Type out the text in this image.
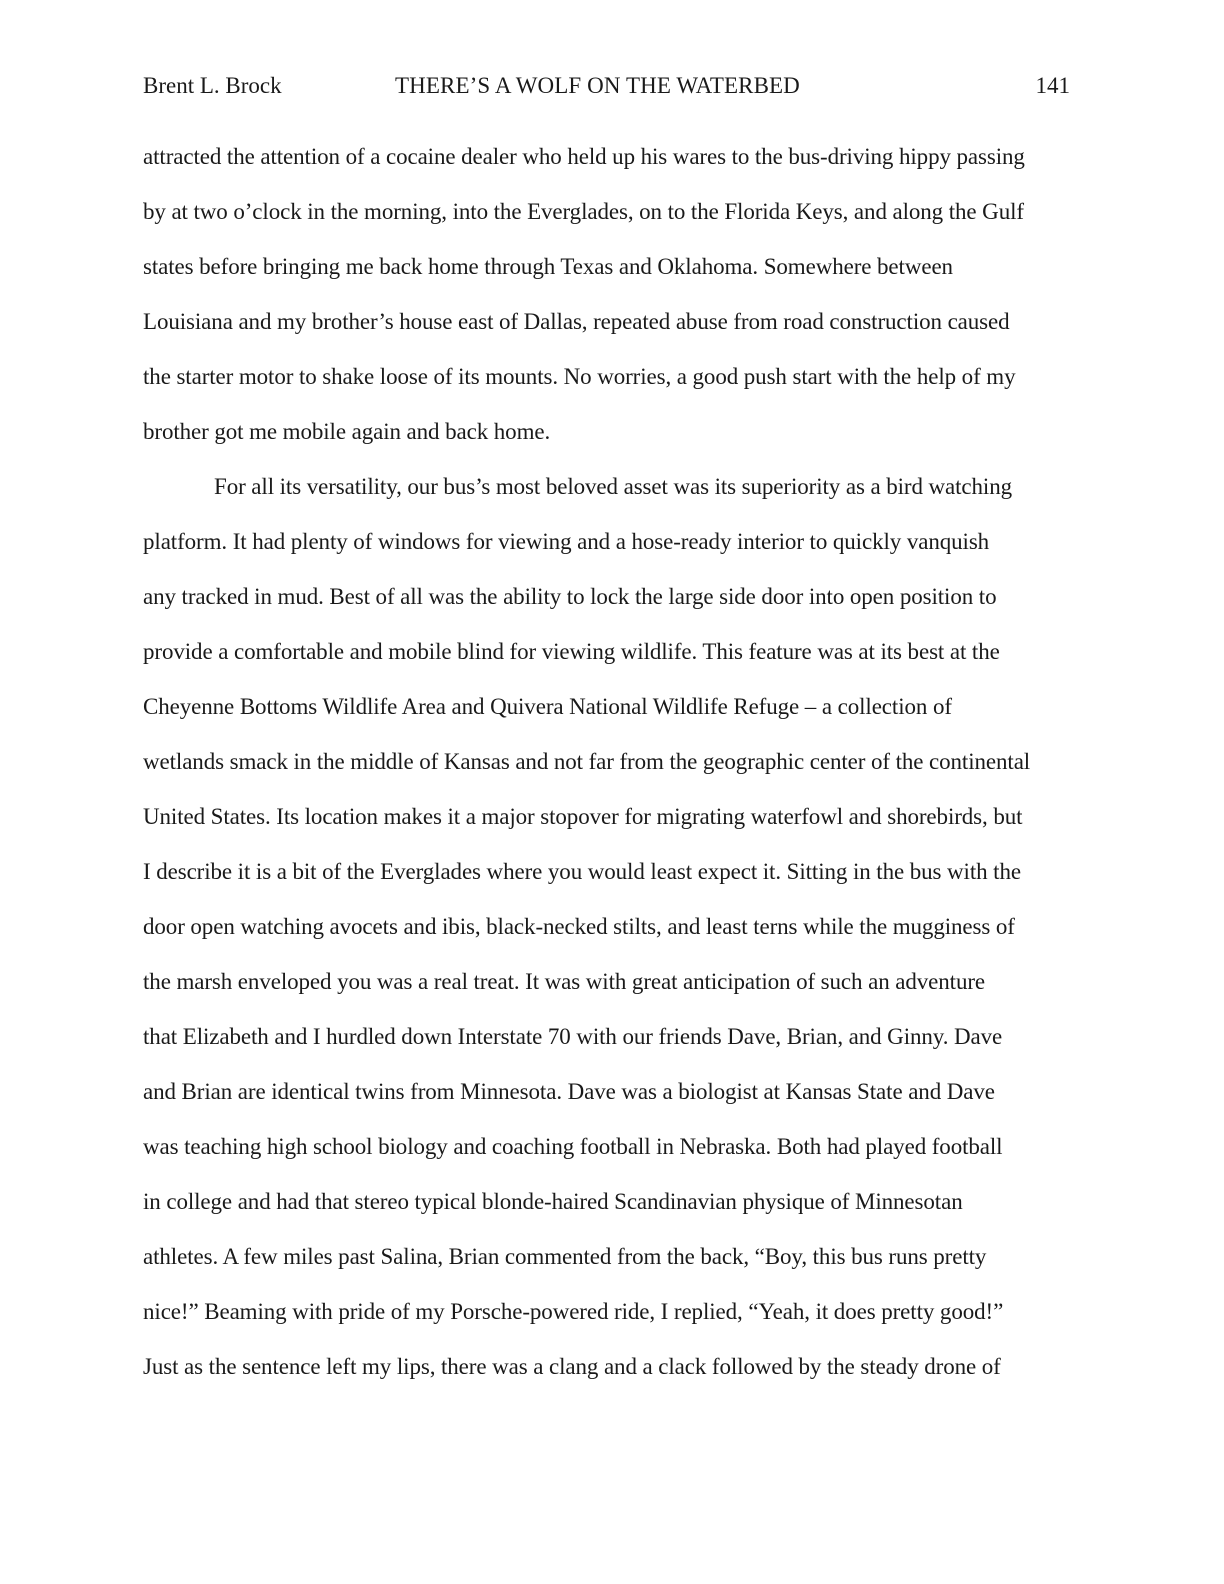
Brent L. Brock	THERE’S A WOLF ON THE WATERBED	141
attracted the attention of a cocaine dealer who held up his wares to the bus-driving hippy passing
by at two o’clock in the morning, into the Everglades, on to the Florida Keys, and along the Gulf
states before bringing me back home through Texas and Oklahoma. Somewhere between
Louisiana and my brother’s house east of Dallas, repeated abuse from road construction caused
the starter motor to shake loose of its mounts. No worries, a good push start with the help of my
brother got me mobile again and back home.
For all its versatility, our bus’s most beloved asset was its superiority as a bird watching
platform. It had plenty of windows for viewing and a hose-ready interior to quickly vanquish
any tracked in mud. Best of all was the ability to lock the large side door into open position to
provide a comfortable and mobile blind for viewing wildlife. This feature was at its best at the
Cheyenne Bottoms Wildlife Area and Quivera National Wildlife Refuge – a collection of
wetlands smack in the middle of Kansas and not far from the geographic center of the continental
United States. Its location makes it a major stopover for migrating waterfowl and shorebirds, but
I describe it is a bit of the Everglades where you would least expect it. Sitting in the bus with the
door open watching avocets and ibis, black-necked stilts, and least terns while the mugginess of
the marsh enveloped you was a real treat. It was with great anticipation of such an adventure
that Elizabeth and I hurdled down Interstate 70 with our friends Dave, Brian, and Ginny. Dave
and Brian are identical twins from Minnesota. Dave was a biologist at Kansas State and Dave
was teaching high school biology and coaching football in Nebraska. Both had played football
in college and had that stereo typical blonde-haired Scandinavian physique of Minnesotan
athletes. A few miles past Salina, Brian commented from the back, “Boy, this bus runs pretty
nice!” Beaming with pride of my Porsche-powered ride, I replied, “Yeah, it does pretty good!”
Just as the sentence left my lips, there was a clang and a clack followed by the steady drone of
